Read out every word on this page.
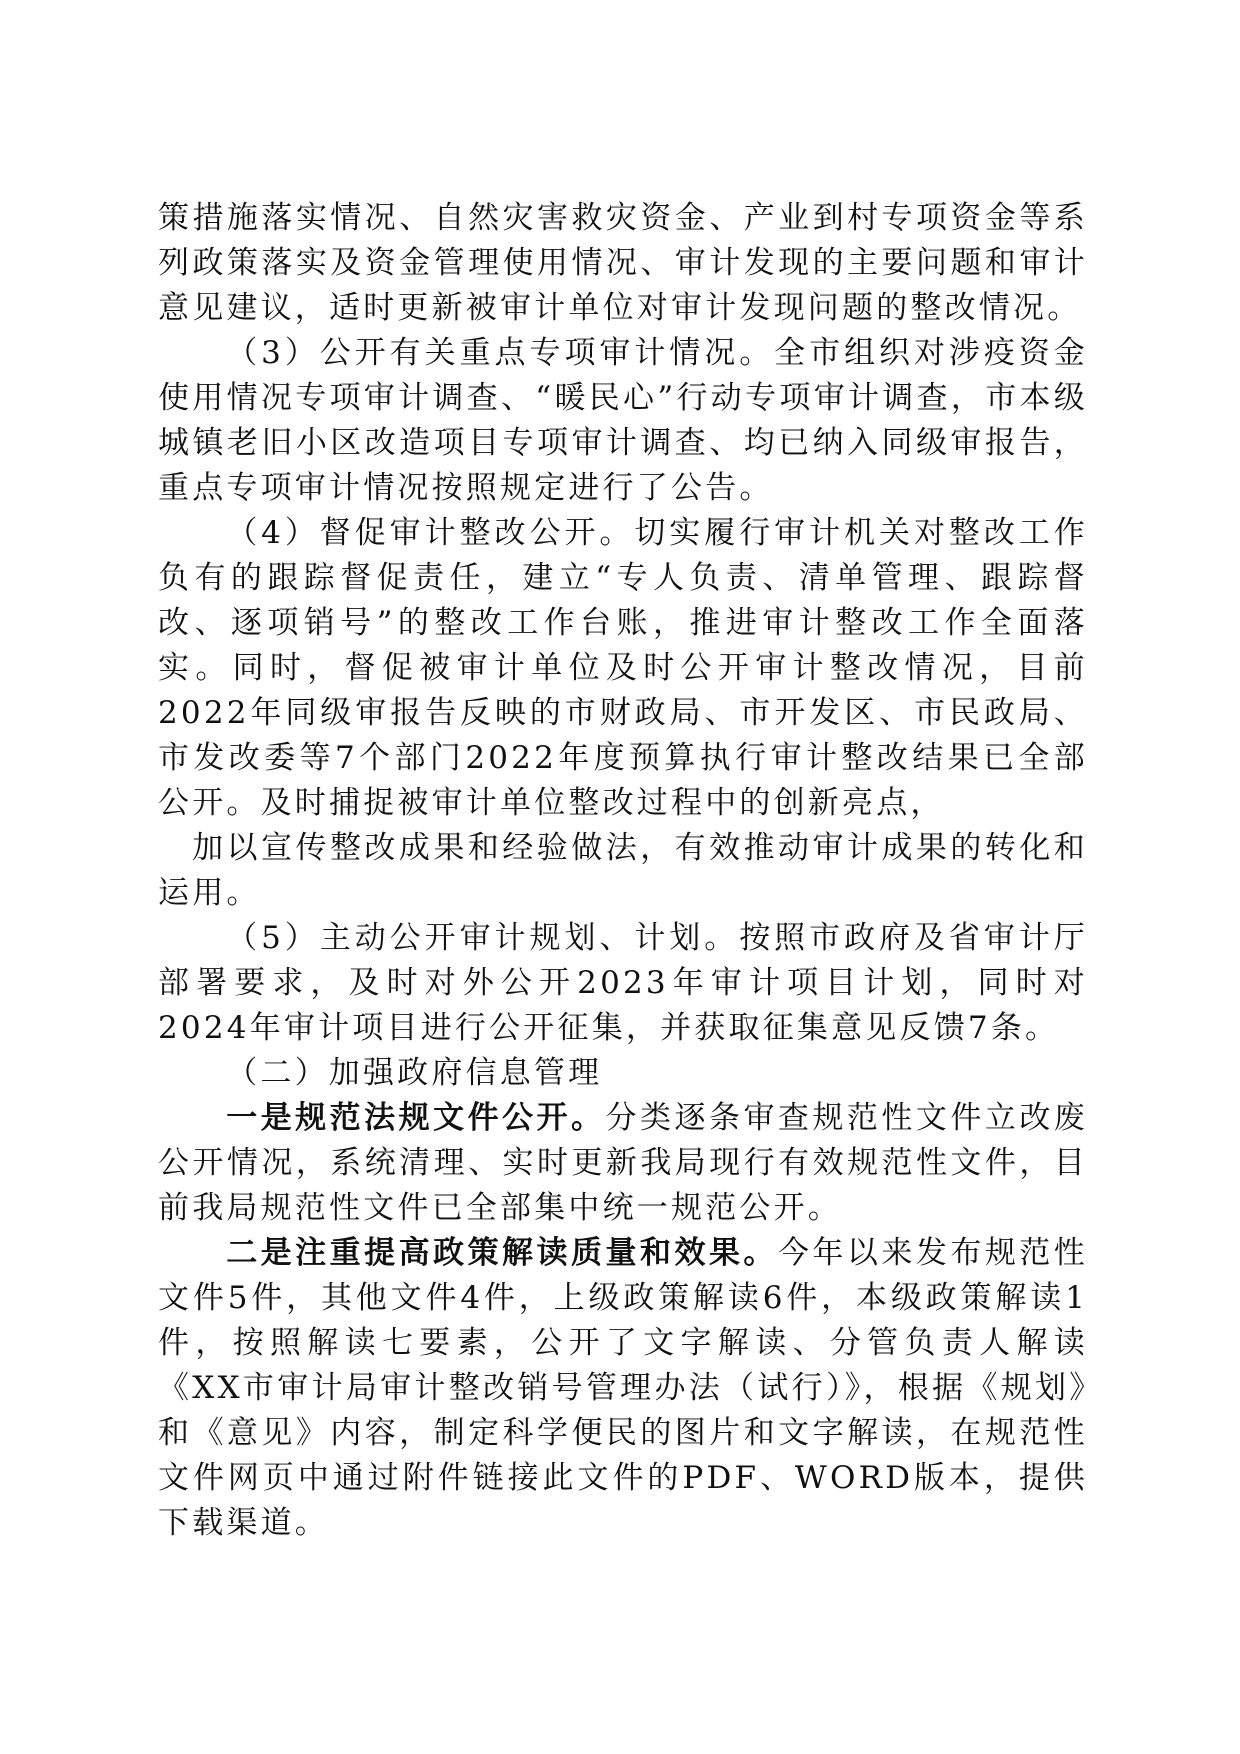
策措施落实情况、自然灾害救灾资金、产业到村专项资金等系列政策落实及资金管理使用情况、审计发现的主要问题和审计意见建议，适时更新被审计单位对审计发现问题的整改情况。

（3）公开有关重点专项审计情况。全市组织对涉疫资金使用情况专项审计调查、“暖民心”行动专项审计调查，市本级城镇老旧小区改造项目专项审计调查、均已纳入同级审报告，重点专项审计情况按照规定进行了公告。

（4）督促审计整改公开。切实履行审计机关对整改工作负有的跟踪督促责任，建立“专人负责、清单管理、跟踪督改、逐项销号”的整改工作台账，推进审计整改工作全面落实。同时，督促被审计单位及时公开审计整改情况，目前2022年同级审报告反映的市财政局、市开发区、市民政局、市发改委等7个部门2022年度预算执行审计整改结果已全部公开。及时捕捉被审计单位整改过程中的创新亮点，

加以宣传整改成果和经验做法，有效推动审计成果的转化和运用。

（5）主动公开审计规划、计划。按照市政府及省审计厅部署要求，及时对外公开2023年审计项目计划，同时对2024年审计项目进行公开征集，并获取征集意见反馈7条。

（二）加强政府信息管理

一是规范法规文件公开。分类逐条审查规范性文件立改废公开情况，系统清理、实时更新我局现行有效规范性文件，目前我局规范性文件已全部集中统一规范公开。

二是注重提高政策解读质量和效果。今年以来发布规范性文件5件，其他文件4件，上级政策解读6件，本级政策解读1件，按照解读七要素，公开了文字解读、分管负责人解读《XX市审计局审计整改销号管理办法（试行）》，根据《规划》和《意见》内容，制定科学便民的图片和文字解读，在规范性文件网页中通过附件链接此文件的PDF、WORD版本，提供下载渠道。
